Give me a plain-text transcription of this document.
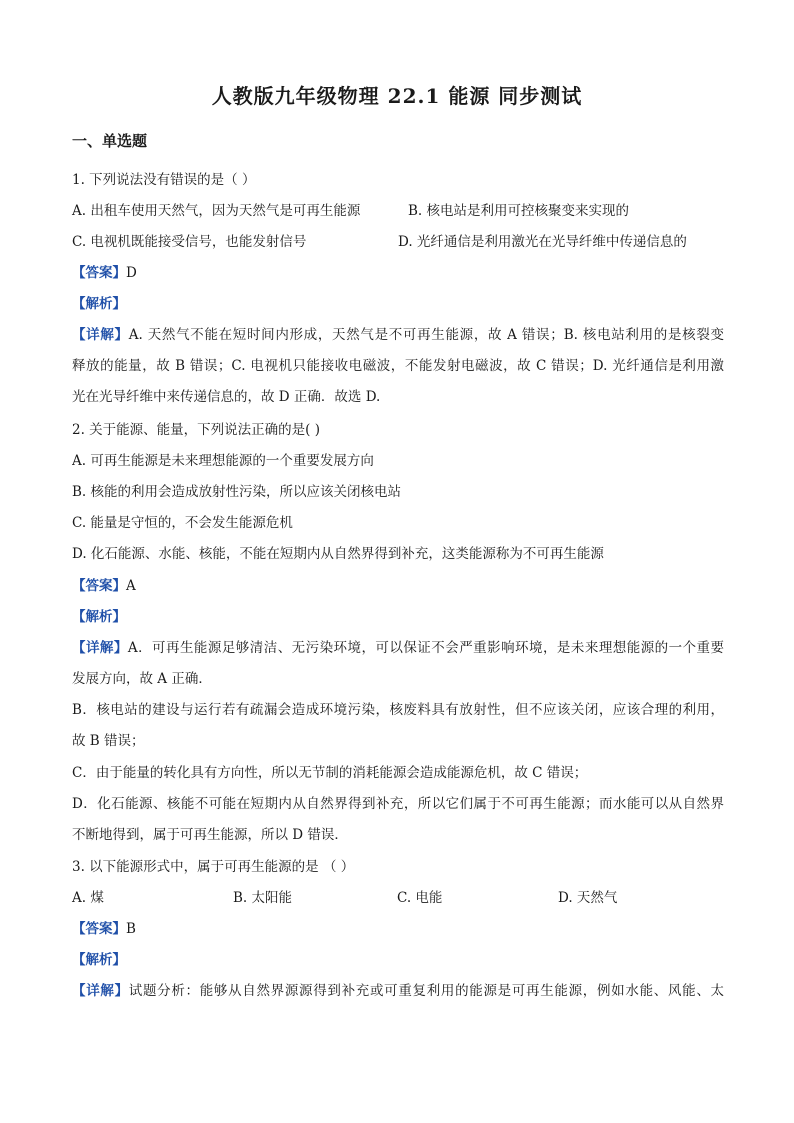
人教版九年级物理 22.1 能源 同步测试
一、单选题
1. 下列说法没有错误的是（ ）
A. 出租车使用天然气，因为天然气是可再生能源	B. 核电站是利用可控核聚变来实现的
C. 电视机既能接受信号，也能发射信号	D. 光纤通信是利用激光在光导纤维中传递信息的
【答案】D
【解析】
【详解】A. 天然气不能在短时间内形成，天然气是不可再生能源，故 A 错误；B. 核电站利用的是核裂变
释放的能量，故 B 错误；C. 电视机只能接收电磁波，不能发射电磁波，故 C 错误；D. 光纤通信是利用激
光在光导纤维中来传递信息的，故 D 正确．故选 D.
2. 关于能源、能量，下列说法正确的是( )
A. 可再生能源是未来理想能源的一个重要发展方向
B. 核能的利用会造成放射性污染，所以应该关闭核电站
C. 能量是守恒的，不会发生能源危机
D. 化石能源、水能、核能，不能在短期内从自然界得到补充，这类能源称为不可再生能源
【答案】A
【解析】
【详解】A．可再生能源足够清洁、无污染环境，可以保证不会严重影响环境，是未来理想能源的一个重要
发展方向，故 A 正确．
B．核电站的建设与运行若有疏漏会造成环境污染，核废料具有放射性，但不应该关闭，应该合理的利用，
故 B 错误；
C．由于能量的转化具有方向性，所以无节制的消耗能源会造成能源危机，故 C 错误；
D．化石能源、核能不可能在短期内从自然界得到补充，所以它们属于不可再生能源；而水能可以从自然界
不断地得到，属于可再生能源，所以 D 错误．
3. 以下能源形式中，属于可再生能源的是 （ ）
A. 煤	B. 太阳能	C. 电能	D. 天然气
【答案】B
【解析】
【详解】试题分析：能够从自然界源源得到补充或可重复利用的能源是可再生能源，例如水能、风能、太
